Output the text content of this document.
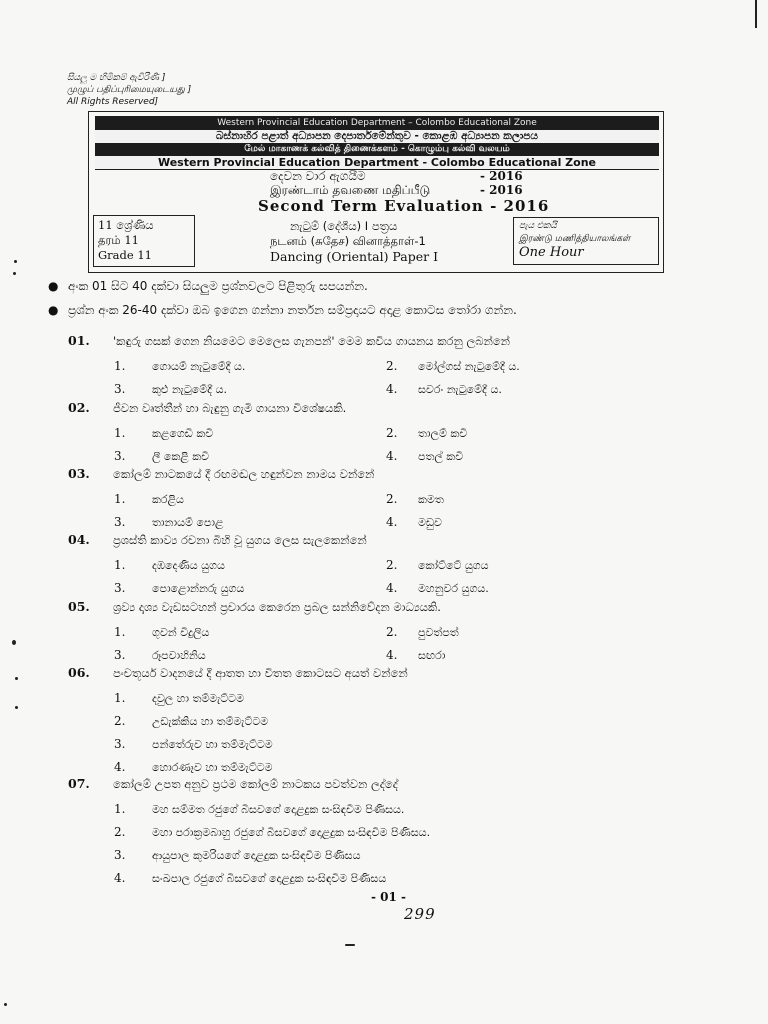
සියලු ම හිමිකම් ඇවිරිණි ]
முழுப் பதிப்புரிமையுடையது ]
All Rights Reserved]
Western Provincial Education Department – Colombo Educational Zone
බස්නාහිර පළාත් අධ්‍යාපන දෙපාර්තමේන්තුව - කොළඹ අධ්‍යාපන කලාපය
மேல் மாகாணக் கல்வித் திணைக்களம் - கொழும்பு கல்வி வலயம்
Western Provincial Education Department - Colombo Educational Zone
දෙවන වාර ඇගයීම	- 2016
இரண்டாம் தவணை மதிப்பீடு	- 2016
Second Term Evaluation - 2016
11 ශ්‍රේණිය
தரம் 11
Grade 11
නැටුම් (දේශීය) I පත්‍රය
நடனம் (சுதேச) வினாத்தாள்-1
Dancing (Oriental) Paper I
පැය එකයි
இரண்டு மணித்தியாலங்கள்
One Hour
● අංක 01 සිට 40 දක්වා සියලුම ප්‍රශ්නවලට පිළිතුරු සපයන්න.
● ප්‍රශ්න අංක 26-40 දක්වා ඔබ ඉගෙන ගන්නා නර්තන සම්ප්‍රදායට අදාළ කොටස තෝරා ගන්න.
01. 'කඳුරු ගසක් ගෙන නියමෙට මෙලෙස ගැනපන්' මෙම කවිය ගායනය කරනු ලබන්නේ
1. ගොයම් නැටුමේදී ය.	2. මෝල්ගස් නැටුමේදී ය.
3. කුළු නැටුමේදී ය.	4. සවරං නැටුමේදී ය.
02. ජීවන වෘත්තීන් හා බැඳුනු ගැමි ගායනා විශේෂයකි.
1. කළගෙඩි කවි	2. තාලම් කවි
3. ලී කෙළි කවි	4. පතල් කවි
03. කෝලම් නාටකයේ දී රඟමඬල හඳුන්වන නාමය වන්නේ
1. කරළිය	2. කමත
3. තානායම් පොළ	4. මඩුව
04. ප්‍රශස්ති කාව්‍ය රචනා බිහි වූ යුගය ලෙස සැලකෙන්නේ
1. දඹදෙණිය යුගය	2. කෝට්ටේ යුගය
3. පොළොන්නරු යුගය	4. මහනුවර යුගය.
05. ශ්‍රව්‍ය දෘශ්‍ය වැඩසටහන් ප්‍රචාරය කෙරෙන ප්‍රබල සන්නිවේදන මාධ්‍යයකි.
1. ගුවන් විදුලිය	2. පුවත්පත්
3. රූපවාහිනිය	4. සඟරා
06. පංචතූර්ය වාදනයේ දී ආතත හා විතත කොටසට අයත් වන්නේ
1. දවුල හා තම්මැට්ටම
2. උඩැක්කිය හා තම්මැට්ටම
3. පන්තේරුව හා තම්මැට්ටම
4. හොරණෑව හා තම්මැට්ටම
07. කෝලම් උපත අනුව ප්‍රථම කෝලම් නාටකය පවත්වන ලද්දේ
1. මහ සම්මත රජුගේ බිසවගේ දොළදුක සංසිඳවීම පිණිසය.
2. මහා පරාක්‍රමබාහු රජුගේ බිසවගේ දොළදුක සංසිඳවීම පිණිසය.
3. ආයුපාල කුමරියගේ දොළදුක සංසිඳවීම පිණිසය
4. සංඛපාල රජුගේ බිසවගේ දොළදුක සංසිඳවීම පිණිසය
- 01 -
299
